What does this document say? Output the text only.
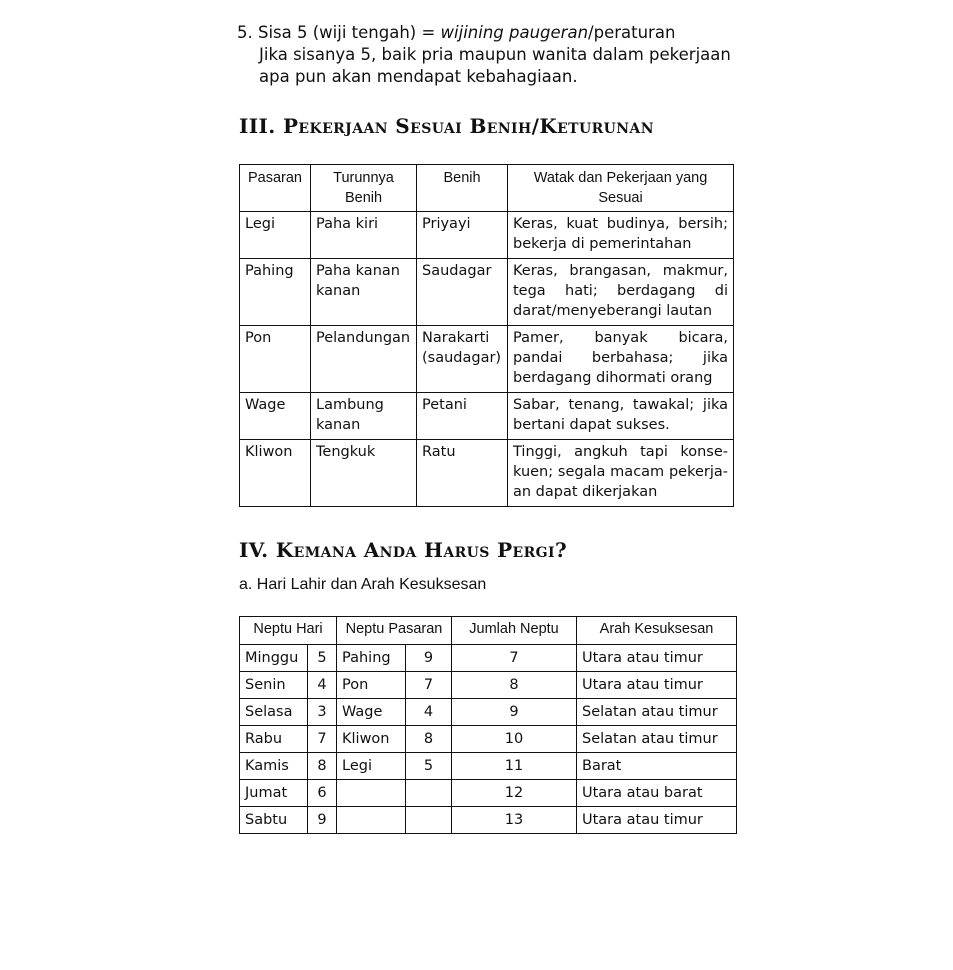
5. Sisa 5 (wiji tengah) = wijining paugeran/peraturan
Jika sisanya 5, baik pria maupun wanita dalam pekerjaan
apa pun akan mendapat kebahagiaan.
III. Pekerjaan Sesuai Benih/Keturunan
Pasaran	Turunnya Benih	Benih	Watak dan Pekerjaan yang Sesuai
Legi	Paha kiri	Priyayi	Keras, kuat budinya, bersih; bekerja di pemerintahan
Pahing	Paha kanan kanan	Saudagar	Keras, brangasan, makmur, tega hati; berdagang di darat/menyeberangi lautan
Pon	Pelandungan	Narakarti (saudagar)	Pamer, banyak bicara, pandai berbahasa; jika berdagang dihormati orang
Wage	Lambung kanan	Petani	Sabar, tenang, tawakal; jika bertani dapat sukses.
Kliwon	Tengkuk	Ratu	Tinggi, angkuh tapi konse-kuen; segala macam pekerja-an dapat dikerjakan
IV. Kemana Anda Harus Pergi?
a. Hari Lahir dan Arah Kesuksesan
Neptu Hari		Neptu Pasaran		Jumlah Neptu	Arah Kesuksesan
Minggu	5	Pahing	9	7	Utara atau timur
Senin	4	Pon	7	8	Utara atau timur
Selasa	3	Wage	4	9	Selatan atau timur
Rabu	7	Kliwon	8	10	Selatan atau timur
Kamis	8	Legi	5	11	Barat
Jumat	6			12	Utara atau barat
Sabtu	9			13	Utara atau timur
